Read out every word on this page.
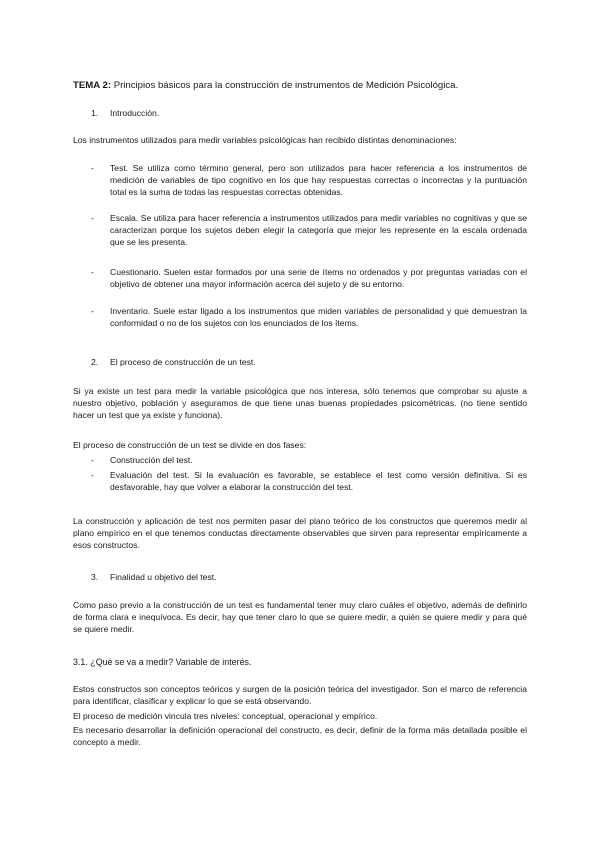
TEMA 2: Principios básicos para la construcción de instrumentos de Medición Psicológica.

1. Introducción.

Los instrumentos utilizados para medir variables psicológicas han recibido distintas denominaciones:

- Test. Se utiliza como término general, pero son utilizados para hacer referencia a los instrumentos de medición de variables de tipo cognitivo en los que hay respuestas correctas o incorrectas y la puntuación total es la suma de todas las respuestas correctas obtenidas.

- Escala. Se utiliza para hacer referencia a instrumentos utilizados para medir variables no cognitivas y que se caracterizan porque los sujetos deben elegir la categoría que mejor les represente en la escala ordenada que se les presenta.

- Cuestionario. Suelen estar formados por una serie de ítems no ordenados y por preguntas variadas con el objetivo de obtener una mayor información acerca del sujeto y de su entorno.

- Inventario. Suele estar ligado a los instrumentos que miden variables de personalidad y que demuestran la conformidad o no de los sujetos con los enunciados de los ítems.

2. El proceso de construcción de un test.

Si ya existe un test para medir la variable psicológica que nos interesa, sólo tenemos que comprobar su ajuste a nuestro objetivo, población y aseguramos de que tiene unas buenas propiedades psicométricas. (no tiene sentido hacer un test que ya existe y funciona).

El proceso de construcción de un test se divide en dos fases:

- Construcción del test.

- Evaluación del test. Si la evaluación es favorable, se establece el test como versión definitiva. Si es desfavorable, hay que volver a elaborar la construcción del test.

La construcción y aplicación de test nos permiten pasar del plano teórico de los constructos que queremos medir al plano empírico en el que tenemos conductas directamente observables que sirven para representar empíricamente a esos constructos.

3. Finalidad u objetivo del test.

Como paso previo a la construcción de un test es fundamental tener muy claro cuáles el objetivo, además de definirlo de forma clara e inequívoca. Es decir, hay que tener claro lo que se quiere medir, a quién se quiere medir y para qué se quiere medir.

3.1. ¿Qué se va a medir? Variable de interés.

Estos constructos son conceptos teóricos y surgen de la posición teórica del investigador. Son el marco de referencia para identificar, clasificar y explicar lo que se está observando.

El proceso de medición vincula tres niveles: conceptual, operacional y empírico.

Es necesario desarrollar la definición operacional del constructo, es decir, definir de la forma más detallada posible el concepto a medir.
